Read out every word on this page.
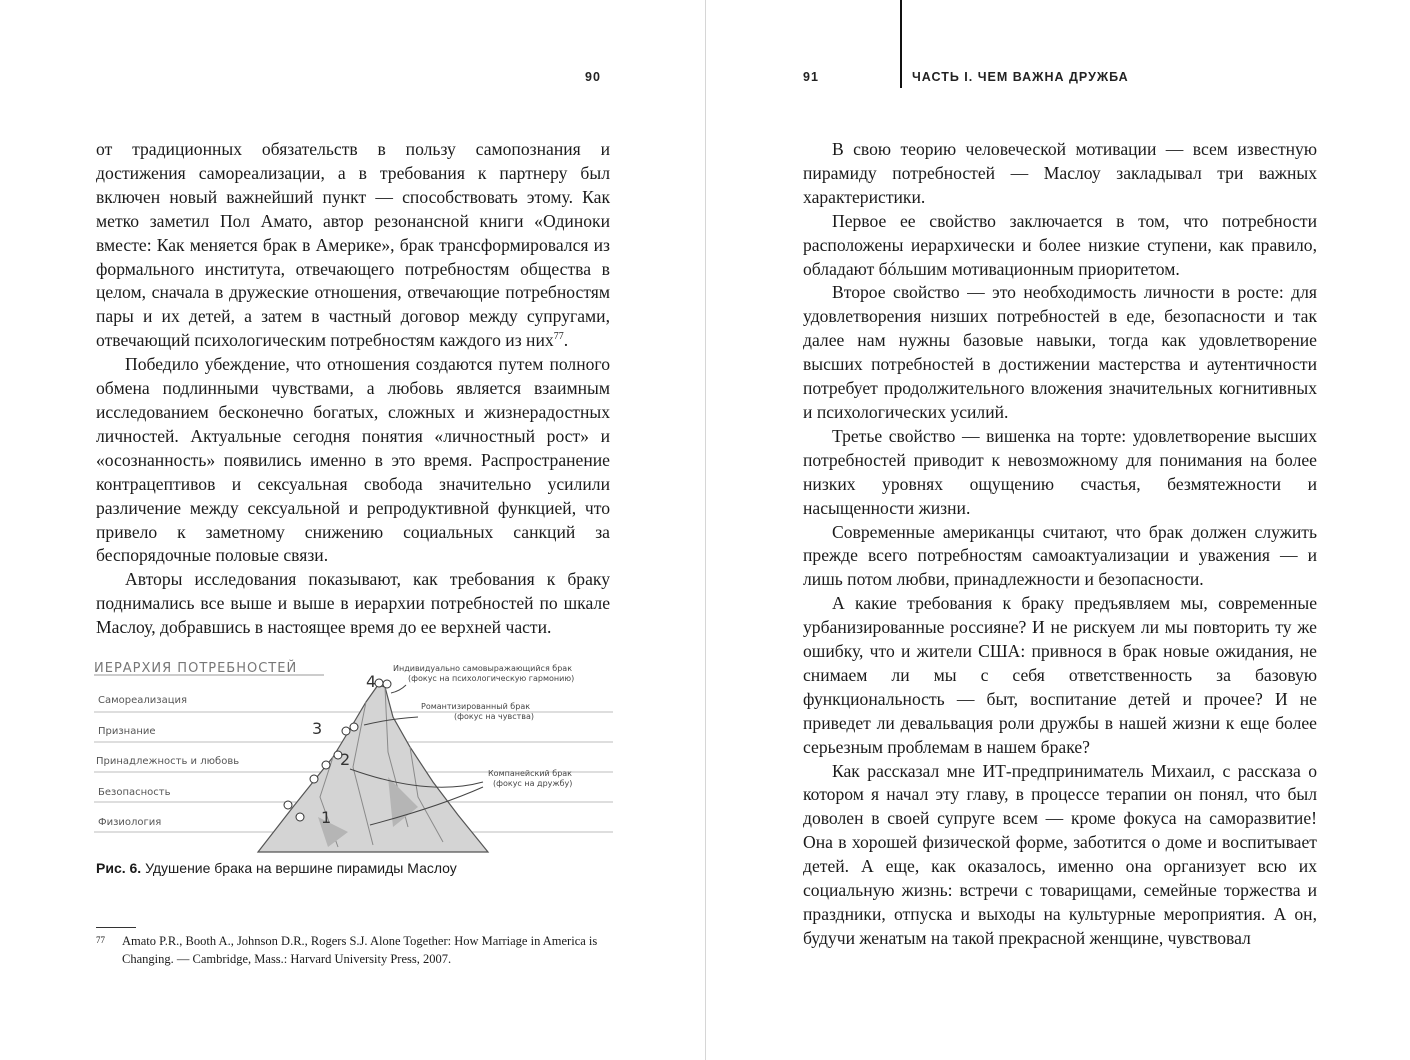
90

от традиционных обязательств в пользу самопознания и достижения самореализации, а в требования к партнеру был включен новый важнейший пункт — способствовать этому. Как метко заметил Пол Амато, автор резонансной книги «Одиноки вместе: Как меняется брак в Америке», брак трансформировался из формального института, отвечающего потребностям общества в целом, сначала в дружеские отношения, отвечающие потребностям пары и их детей, а затем в частный договор между супругами, отвечающий психологическим потребностям каждого из них$^{77}$.

Победило убеждение, что отношения создаются путем полного обмена подлинными чувствами, а любовь является взаимным исследованием бесконечно богатых, сложных и жизнерадостных личностей. Актуальные сегодня понятия «личностный рост» и «осознанность» появились именно в это время. Распространение контрацептивов и сексуальная свобода значительно усилили различение между сексуальной и репродуктивной функцией, что привело к заметному снижению социальных санкций за беспорядочные половые связи.

Авторы исследования показывают, как требования к браку поднимались все выше и выше в иерархии потребностей по шкале Маслоу, добравшись в настоящее время до ее верхней части.

ИЕРАРХИЯ ПОТРЕБНОСТЕЙ
Самореализация
Признание
Принадлежность и любовь
Безопасность
Физиология
4
3
2
1
Индивидуально самовыражающийся брак
(фокус на психологическую гармонию)
Романтизированный брак
(фокус на чувства)
Компанейский брак
(фокус на дружбу)
Рис. 6. Удушение брака на вершине пирамиды Маслоу
77	Amato P.R., Booth A., Johnson D.R., Rogers S.J. Alone Together: How Marriage in America is Changing. — Cambridge, Mass.: Harvard University Press, 2007.
91	ЧАСТЬ I. ЧЕМ ВАЖНА ДРУЖБА

В свою теорию человеческой мотивации — всем известную пирамиду потребностей — Маслоу закладывал три важных характеристики.

Первое ее свойство заключается в том, что потребности расположены иерархически и более низкие ступени, как правило, обладают бóльшим мотивационным приоритетом.

Второе свойство — это необходимость личности в росте: для удовлетворения низших потребностей в еде, безопасности и так далее нам нужны базовые навыки, тогда как удовлетворение высших потребностей в достижении мастерства и аутентичности потребует продолжительного вложения значительных когнитивных и психологических усилий.

Третье свойство — вишенка на торте: удовлетворение высших потребностей приводит к невозможному для понимания на более низких уровнях ощущению счастья, безмятежности и насыщенности жизни.

Современные американцы считают, что брак должен служить прежде всего потребностям самоактуализации и уважения — и лишь потом любви, принадлежности и безопасности.

А какие требования к браку предъявляем мы, современные урбанизированные россияне? И не рискуем ли мы повторить ту же ошибку, что и жители США: привнося в брак новые ожидания, не снимаем ли мы с себя ответственность за базовую функциональность — быт, воспитание детей и прочее? И не приведет ли девальвация роли дружбы в нашей жизни к еще более серьезным проблемам в нашем браке?

Как рассказал мне ИТ-предприниматель Михаил, с рассказа о котором я начал эту главу, в процессе терапии он понял, что был доволен в своей супруге всем — кроме фокуса на саморазвитие! Она в хорошей физической форме, заботится о доме и воспитывает детей. А еще, как оказалось, именно она организует всю их социальную жизнь: встречи с товарищами, семейные торжества и праздники, отпуска и выходы на культурные мероприятия. А он, будучи женатым на такой прекрасной женщине, чувствовал
